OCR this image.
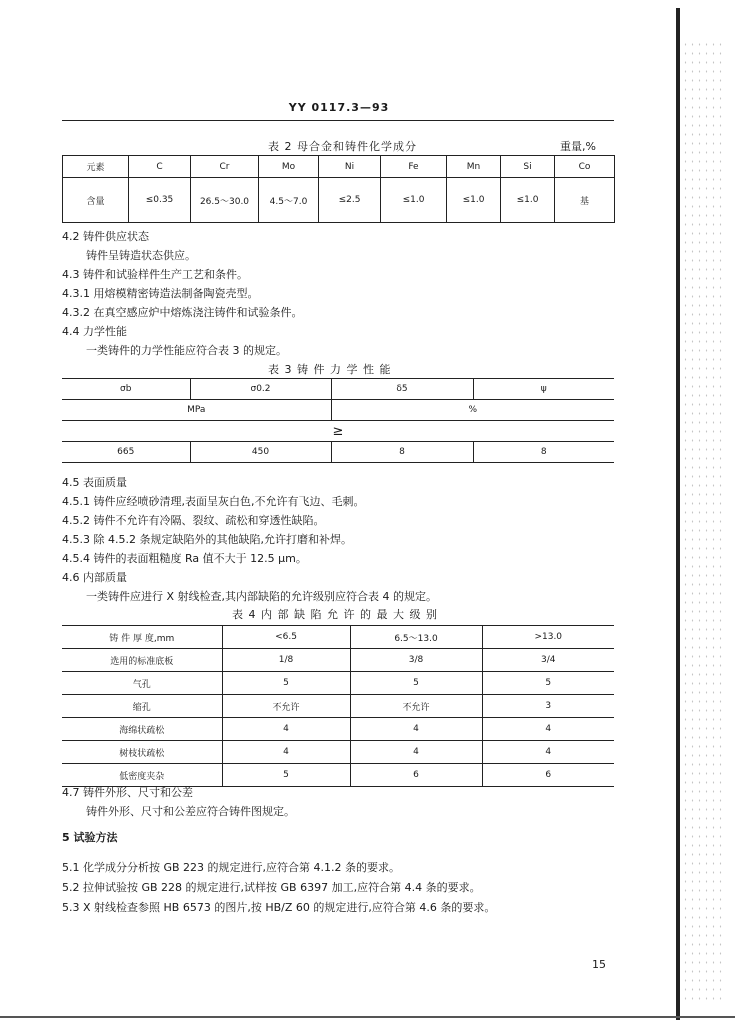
YY 0117.3—93
表 2 母合金和铸件化学成分	重量,%
元素	C	Cr	Mo	Ni	Fe	Mn	Si	Co
含量	≤0.35	26.5～30.0	4.5～7.0	≤2.5	≤1.0	≤1.0	≤1.0	基
4.2 铸件供应状态
铸件呈铸造状态供应。
4.3 铸件和试验样件生产工艺和条件。
4.3.1 用熔模精密铸造法制备陶瓷壳型。
4.3.2 在真空感应炉中熔炼浇注铸件和试验条件。
4.4 力学性能
一类铸件的力学性能应符合表 3 的规定。
表 3 铸 件 力 学 性 能
σb	σ0.2	δ5	ψ
MPa		%	
≥			
665	450	8	8
4.5 表面质量
4.5.1 铸件应经喷砂清理,表面呈灰白色,不允许有飞边、毛刺。
4.5.2 铸件不允许有冷隔、裂纹、疏松和穿透性缺陷。
4.5.3 除 4.5.2 条规定缺陷外的其他缺陷,允许打磨和补焊。
4.5.4 铸件的表面粗糙度 Ra 值不大于 12.5 μm。
4.6 内部质量
一类铸件应进行 X 射线检查,其内部缺陷的允许级别应符合表 4 的规定。
表 4 内 部 缺 陷 允 许 的 最 大 级 别
铸 件 厚 度,mm	<6.5	6.5～13.0	>13.0
选用的标准底板	1/8	3/8	3/4
气孔	5	5	5
缩孔	不允许	不允许	3
海绵状疏松	4	4	4
树枝状疏松	4	4	4
低密度夹杂	5	6	6
4.7 铸件外形、尺寸和公差
铸件外形、尺寸和公差应符合铸件图规定。
5 试验方法
5.1 化学成分分析按 GB 223 的规定进行,应符合第 4.1.2 条的要求。
5.2 拉伸试验按 GB 228 的规定进行,试样按 GB 6397 加工,应符合第 4.4 条的要求。
5.3 X 射线检查参照 HB 6573 的图片,按 HB/Z 60 的规定进行,应符合第 4.6 条的要求。
15
